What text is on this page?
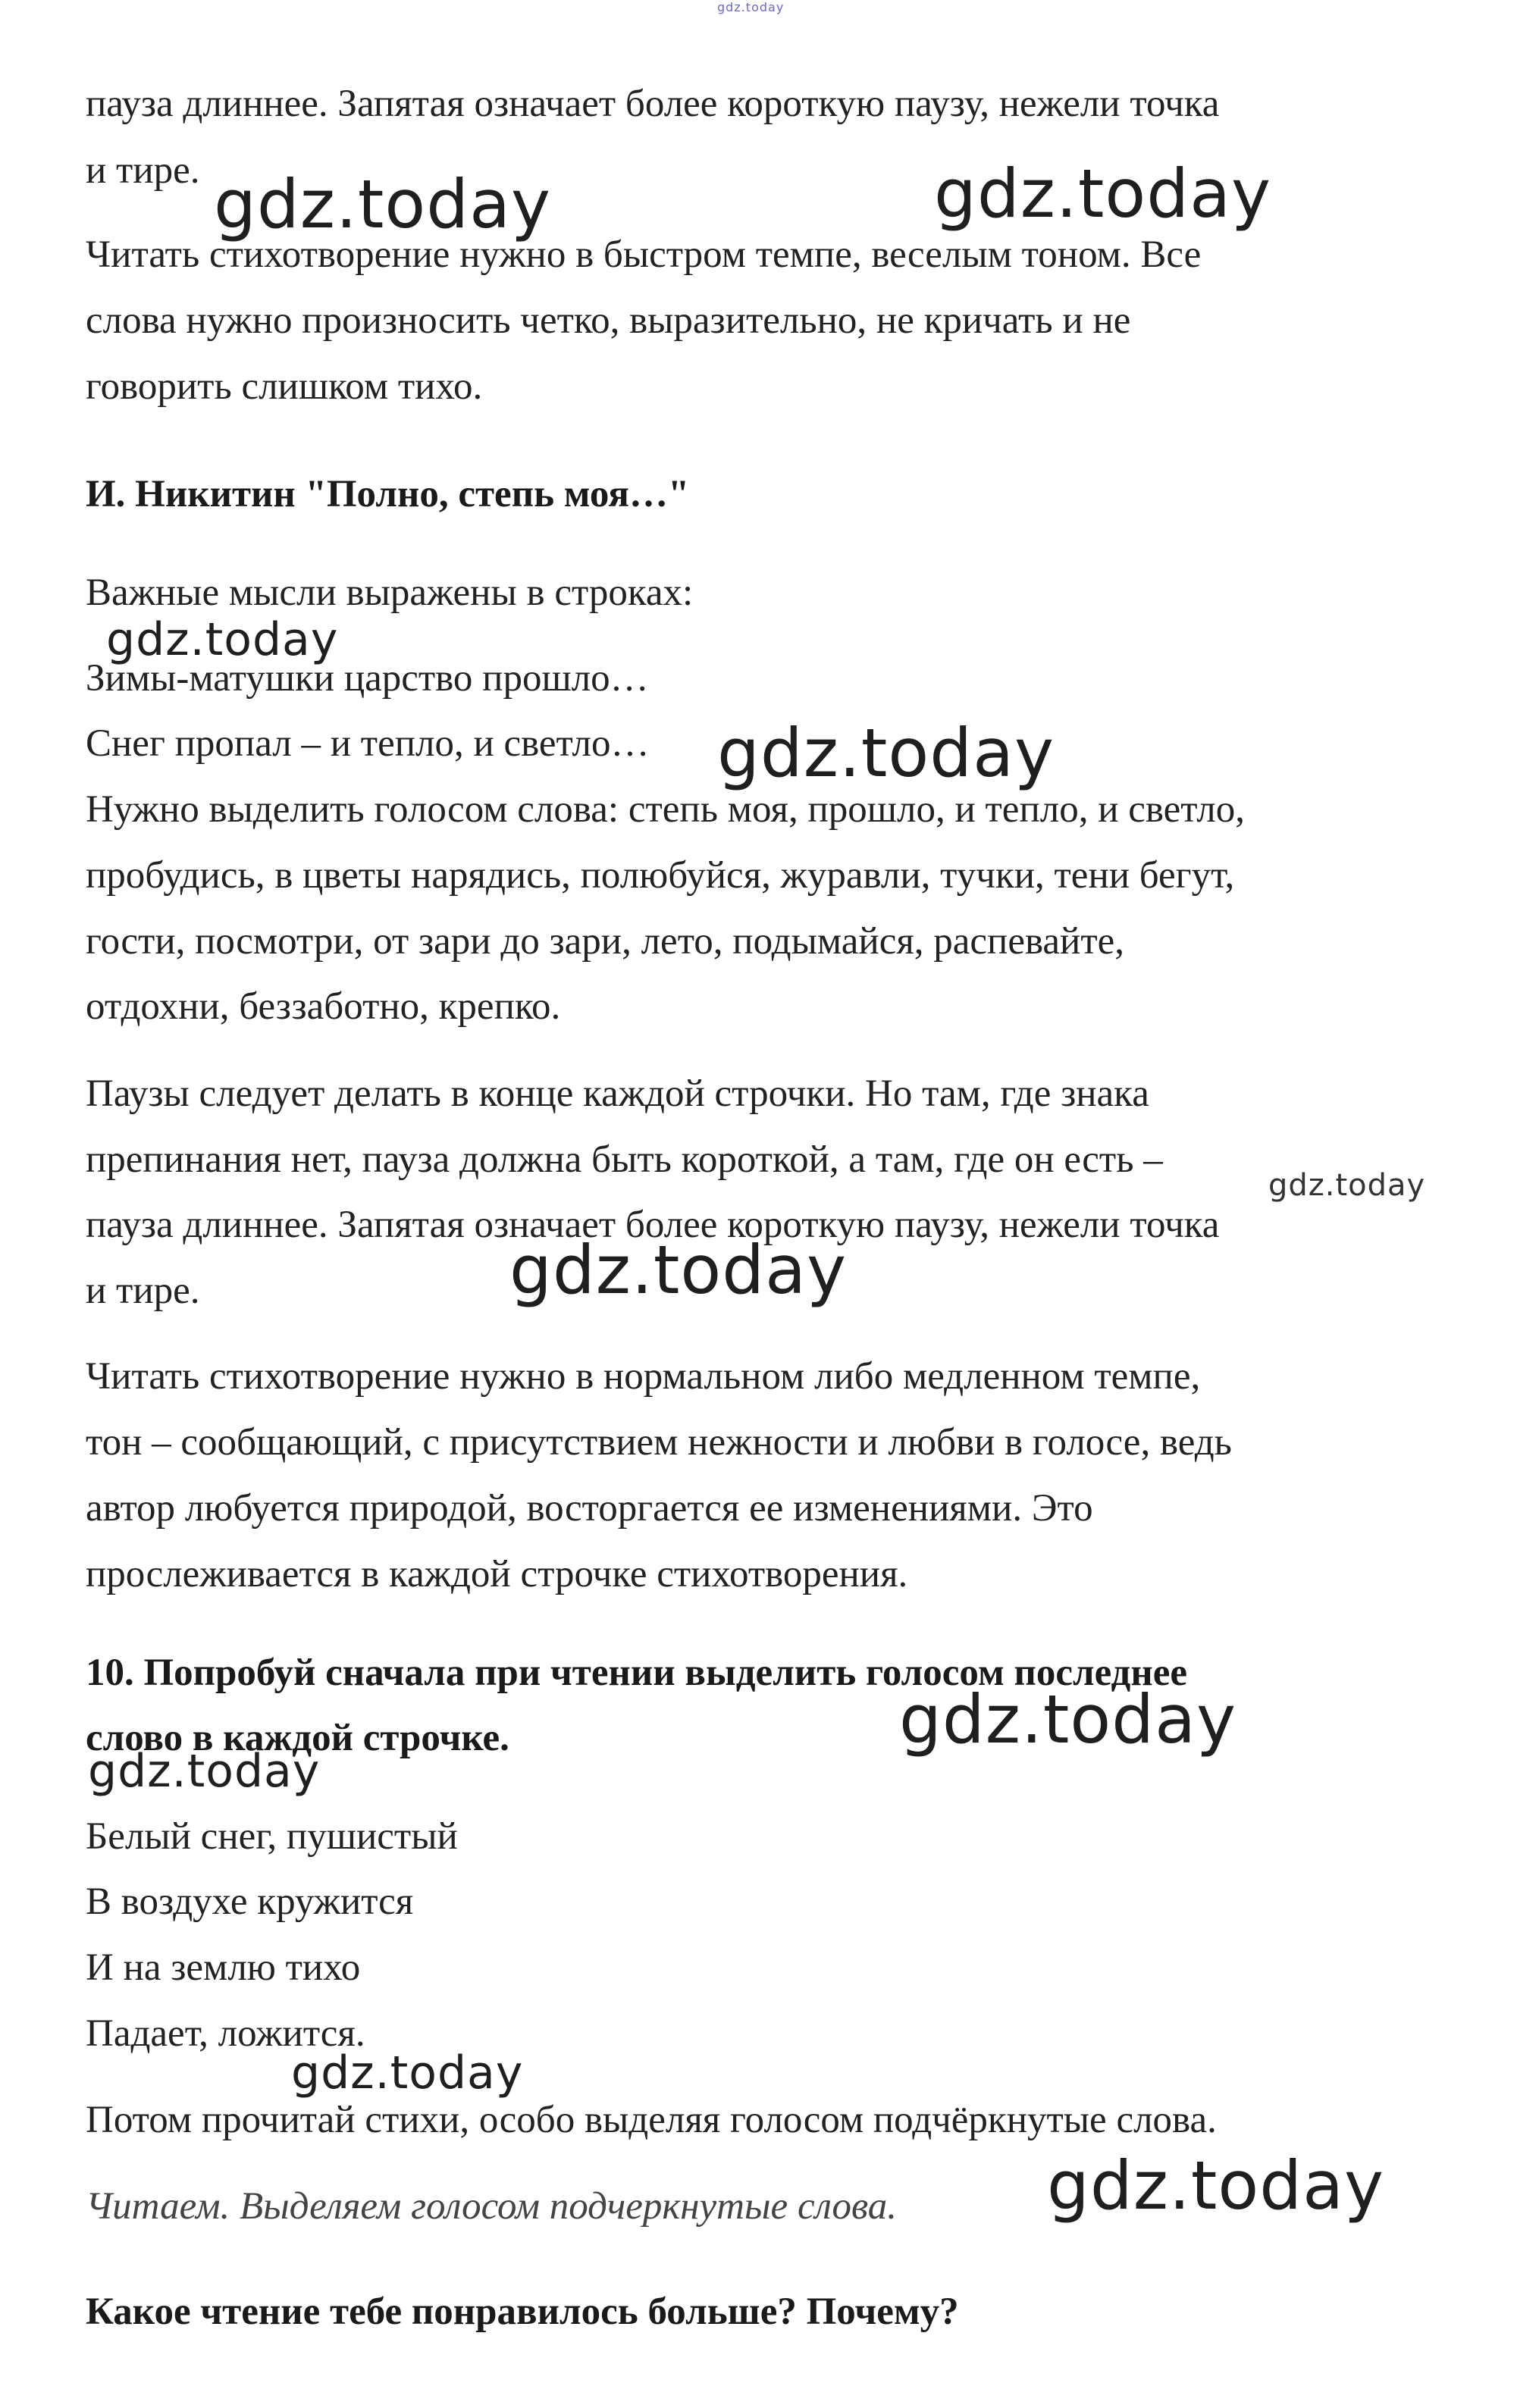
gdz.today

пауза длиннее. Запятая означает более короткую паузу, нежели точка

и тире.

Читать стихотворение нужно в быстром темпе, веселым тоном. Все

слова нужно произносить четко, выразительно, не кричать и не

говорить слишком тихо.

И. Никитин "Полно, степь моя…"

Важные мысли выражены в строках:

Зимы-матушки царство прошло…

Снег пропал – и тепло, и светло…

Нужно выделить голосом слова: степь моя, прошло, и тепло, и светло,

пробудись, в цветы нарядись, полюбуйся, журавли, тучки, тени бегут,

гости, посмотри, от зари до зари, лето, подымайся, распевайте,

отдохни, беззаботно, крепко.

Паузы следует делать в конце каждой строчки. Но там, где знака

препинания нет, пауза должна быть короткой, а там, где он есть –

пауза длиннее. Запятая означает более короткую паузу, нежели точка

и тире.

Читать стихотворение нужно в нормальном либо медленном темпе,

тон – сообщающий, с присутствием нежности и любви в голосе, ведь

автор любуется природой, восторгается ее изменениями. Это

прослеживается в каждой строчке стихотворения.

10. Попробуй сначала при чтении выделить голосом последнее

слово в каждой строчке.

Белый снег, пушистый

В воздухе кружится

И на землю тихо

Падает, ложится.

Потом прочитай стихи, особо выделяя голосом подчёркнутые слова.

Читаем. Выделяем голосом подчеркнутые слова.

Какое чтение тебе понравилось больше? Почему?

gdz.today	gdz.today
gdz.today
gdz.today
gdz.today
gdz.today
gdz.today
gdz.today
gdz.today
gdz.today
